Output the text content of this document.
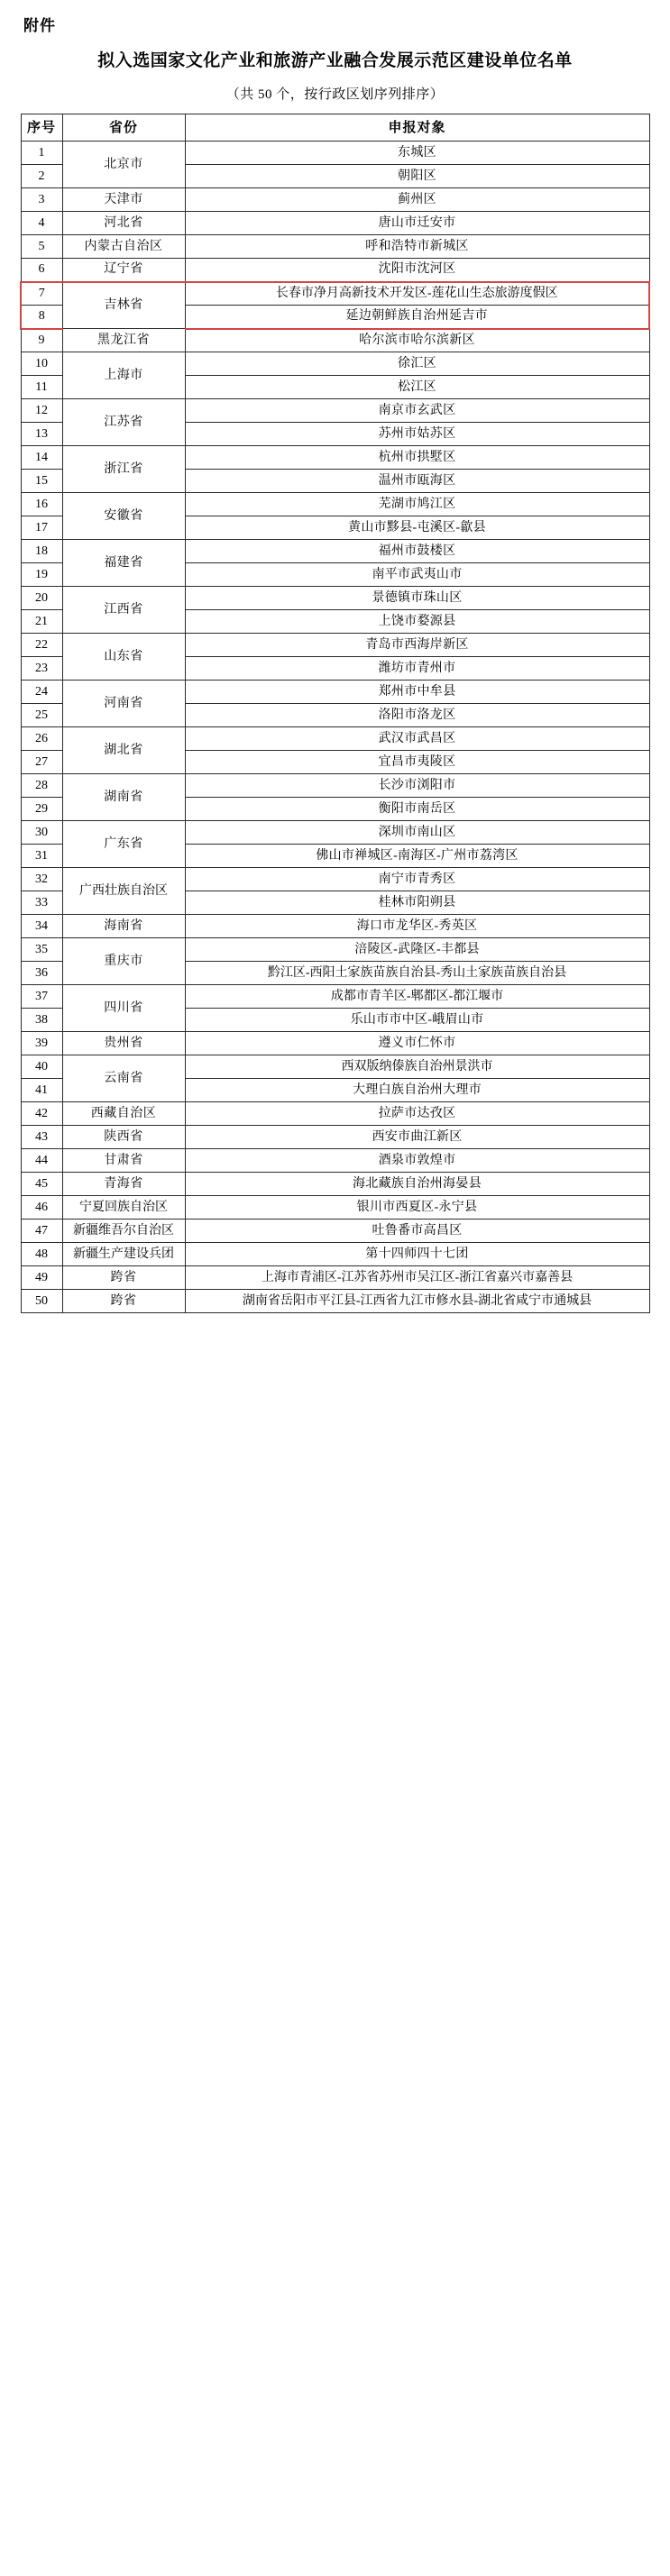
附件
拟入选国家文化产业和旅游产业融合发展示范区建设单位名单
（共 50 个，按行政区划序列排序）
序号	省份	申报对象
1	北京市	东城区
2		朝阳区
3	天津市	蓟州区
4	河北省	唐山市迁安市
5	内蒙古自治区	呼和浩特市新城区
6	辽宁省	沈阳市沈河区
7	吉林省	长春市净月高新技术开发区-莲花山生态旅游度假区
8		延边朝鲜族自治州延吉市
9	黑龙江省	哈尔滨市哈尔滨新区
10	上海市	徐汇区
11		松江区
12	江苏省	南京市玄武区
13		苏州市姑苏区
14	浙江省	杭州市拱墅区
15		温州市瓯海区
16	安徽省	芜湖市鸠江区
17		黄山市黟县-屯溪区-歙县
18	福建省	福州市鼓楼区
19		南平市武夷山市
20	江西省	景德镇市珠山区
21		上饶市婺源县
22	山东省	青岛市西海岸新区
23		潍坊市青州市
24	河南省	郑州市中牟县
25		洛阳市洛龙区
26	湖北省	武汉市武昌区
27		宜昌市夷陵区
28	湖南省	长沙市浏阳市
29		衡阳市南岳区
30	广东省	深圳市南山区
31		佛山市禅城区-南海区-广州市荔湾区
32	广西壮族自治区	南宁市青秀区
33		桂林市阳朔县
34	海南省	海口市龙华区-秀英区
35	重庆市	涪陵区-武隆区-丰都县
36		黔江区-西阳土家族苗族自治县-秀山土家族苗族自治县
37	四川省	成都市青羊区-郫都区-都江堰市
38		乐山市市中区-峨眉山市
39	贵州省	遵义市仁怀市
40	云南省	西双版纳傣族自治州景洪市
41		大理白族自治州大理市
42	西藏自治区	拉萨市达孜区
43	陕西省	西安市曲江新区
44	甘肃省	酒泉市敦煌市
45	青海省	海北藏族自治州海晏县
46	宁夏回族自治区	银川市西夏区-永宁县
47	新疆维吾尔自治区	吐鲁番市高昌区
48	新疆生产建设兵团	第十四师四十七团
49	跨省	上海市青浦区-江苏省苏州市吴江区-浙江省嘉兴市嘉善县
50	跨省	湖南省岳阳市平江县-江西省九江市修水县-湖北省咸宁市通城县
